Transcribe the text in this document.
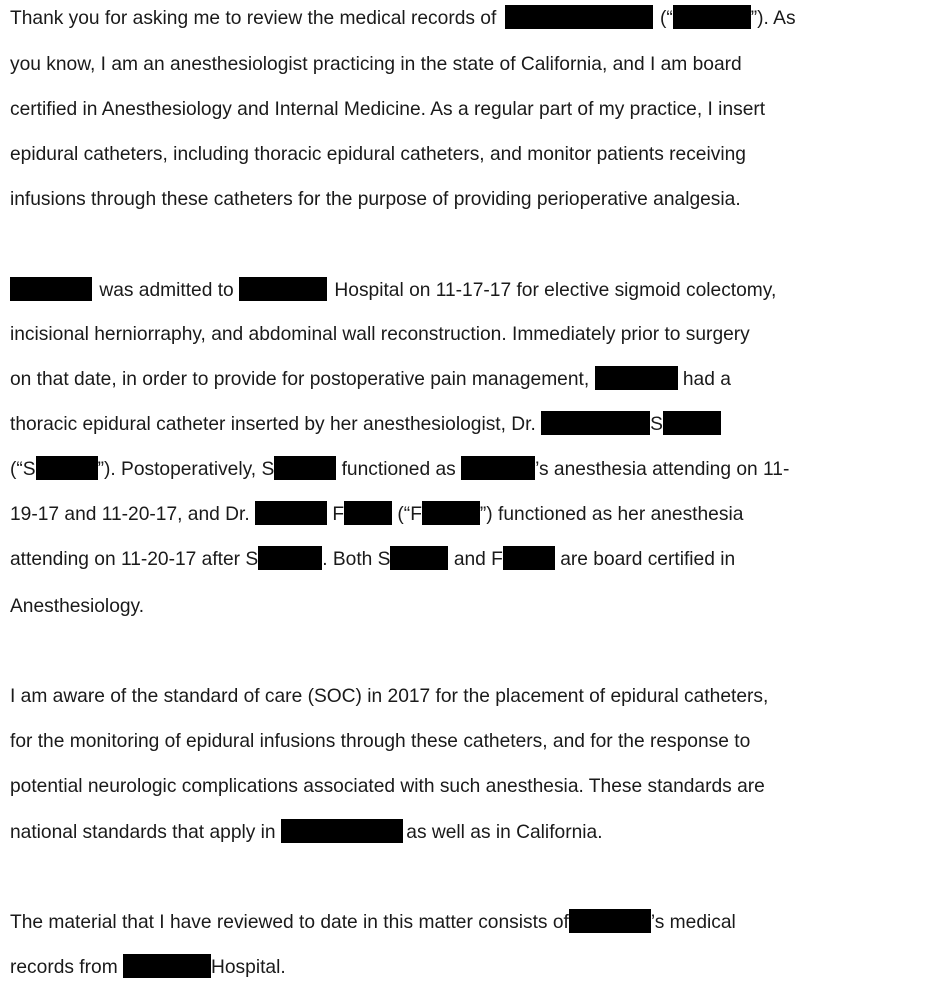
Thank you for asking me to review the medical records of	(“	”). As
you know, I am an anesthesiologist practicing in the state of California, and I am board
certified in Anesthesiology and Internal Medicine. As a regular part of my practice, I insert
epidural catheters, including thoracic epidural catheters, and monitor patients receiving
infusions through these catheters for the purpose of providing perioperative analgesia.
was admitted to	Hospital on 11-17-17 for elective sigmoid colectomy,
incisional herniorraphy, and abdominal wall reconstruction. Immediately prior to surgery
on that date, in order to provide for postoperative pain management,	had a
thoracic epidural catheter inserted by her anesthesiologist, Dr.	S
(“S	”). Postoperatively, S	functioned as	’s anesthesia attending on 11-
19-17 and 11-20-17, and Dr.	F	(“F	”) functioned as her anesthesia
attending on 11-20-17 after S	. Both S	and F	are board certified in
Anesthesiology.
I am aware of the standard of care (SOC) in 2017 for the placement of epidural catheters,
for the monitoring of epidural infusions through these catheters, and for the response to
potential neurologic complications associated with such anesthesia. These standards are
national standards that apply in	as well as in California.
The material that I have reviewed to date in this matter consists of	’s medical
records from	Hospital.
